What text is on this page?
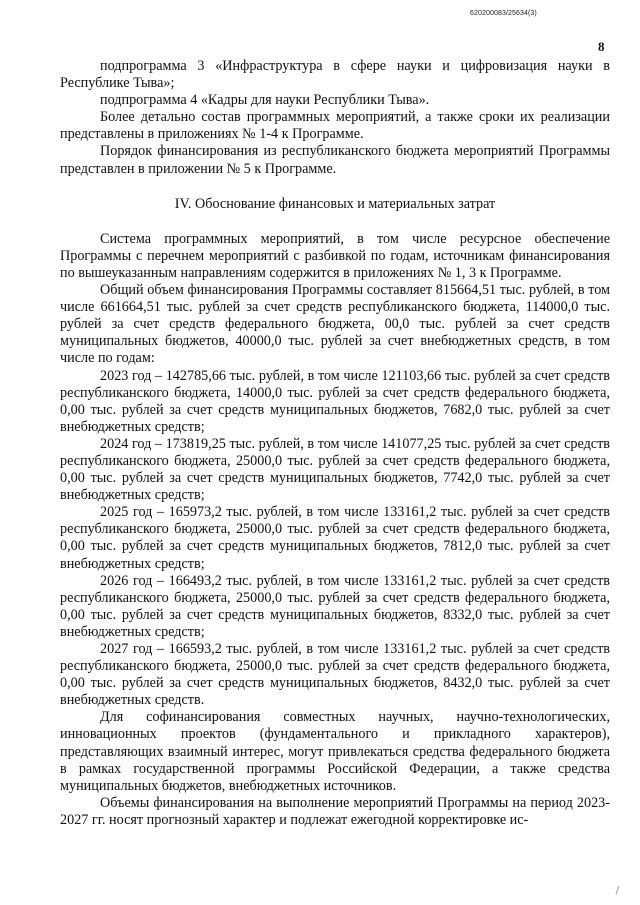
620200083/25634(3)
8

подпрограмма 3 «Инфраструктура в сфере науки и цифровизация науки в Республике Тыва»;

подпрограмма 4 «Кадры для науки Республики Тыва».

Более детально состав программных мероприятий, а также сроки их реализации представлены в приложениях № 1-4 к Программе.

Порядок финансирования из республиканского бюджета мероприятий Программы представлен в приложении № 5 к Программе.

IV. Обоснование финансовых и материальных затрат

Система программных мероприятий, в том числе ресурсное обеспечение Программы с перечнем мероприятий с разбивкой по годам, источникам финансирования по вышеуказанным направлениям содержится в приложениях № 1, 3 к Программе.

Общий объем финансирования Программы составляет 815664,51 тыс. рублей, в том числе 661664,51 тыс. рублей за счет средств республиканского бюджета, 114000,0 тыс. рублей за счет средств федерального бюджета, 00,0 тыс. рублей за счет средств муниципальных бюджетов, 40000,0 тыс. рублей за счет внебюджетных средств, в том числе по годам:

2023 год – 142785,66 тыс. рублей, в том числе 121103,66 тыс. рублей за счет средств республиканского бюджета, 14000,0 тыс. рублей за счет средств федерального бюджета, 0,00 тыс. рублей за счет средств муниципальных бюджетов, 7682,0 тыс. рублей за счет внебюджетных средств;

2024 год – 173819,25 тыс. рублей, в том числе 141077,25 тыс. рублей за счет средств республиканского бюджета, 25000,0 тыс. рублей за счет средств федерального бюджета, 0,00 тыс. рублей за счет средств муниципальных бюджетов, 7742,0 тыс. рублей за счет внебюджетных средств;

2025 год – 165973,2 тыс. рублей, в том числе 133161,2 тыс. рублей за счет средств республиканского бюджета, 25000,0 тыс. рублей за счет средств федерального бюджета, 0,00 тыс. рублей за счет средств муниципальных бюджетов, 7812,0 тыс. рублей за счет внебюджетных средств;

2026 год – 166493,2 тыс. рублей, в том числе 133161,2 тыс. рублей за счет средств республиканского бюджета, 25000,0 тыс. рублей за счет средств федерального бюджета, 0,00 тыс. рублей за счет средств муниципальных бюджетов, 8332,0 тыс. рублей за счет внебюджетных средств;

2027 год – 166593,2 тыс. рублей, в том числе 133161,2 тыс. рублей за счет средств республиканского бюджета, 25000,0 тыс. рублей за счет средств федерального бюджета, 0,00 тыс. рублей за счет средств муниципальных бюджетов, 8432,0 тыс. рублей за счет внебюджетных средств.

Для софинансирования совместных научных, научно-технологических, инновационных проектов (фундаментального и прикладного характеров), представляющих взаимный интерес, могут привлекаться средства федерального бюджета в рамках государственной программы Российской Федерации, а также средства муниципальных бюджетов, внебюджетных источников.

Объемы финансирования на выполнение мероприятий Программы на период 2023-2027 гг. носят прогнозный характер и подлежат ежегодной корректировке ис-
